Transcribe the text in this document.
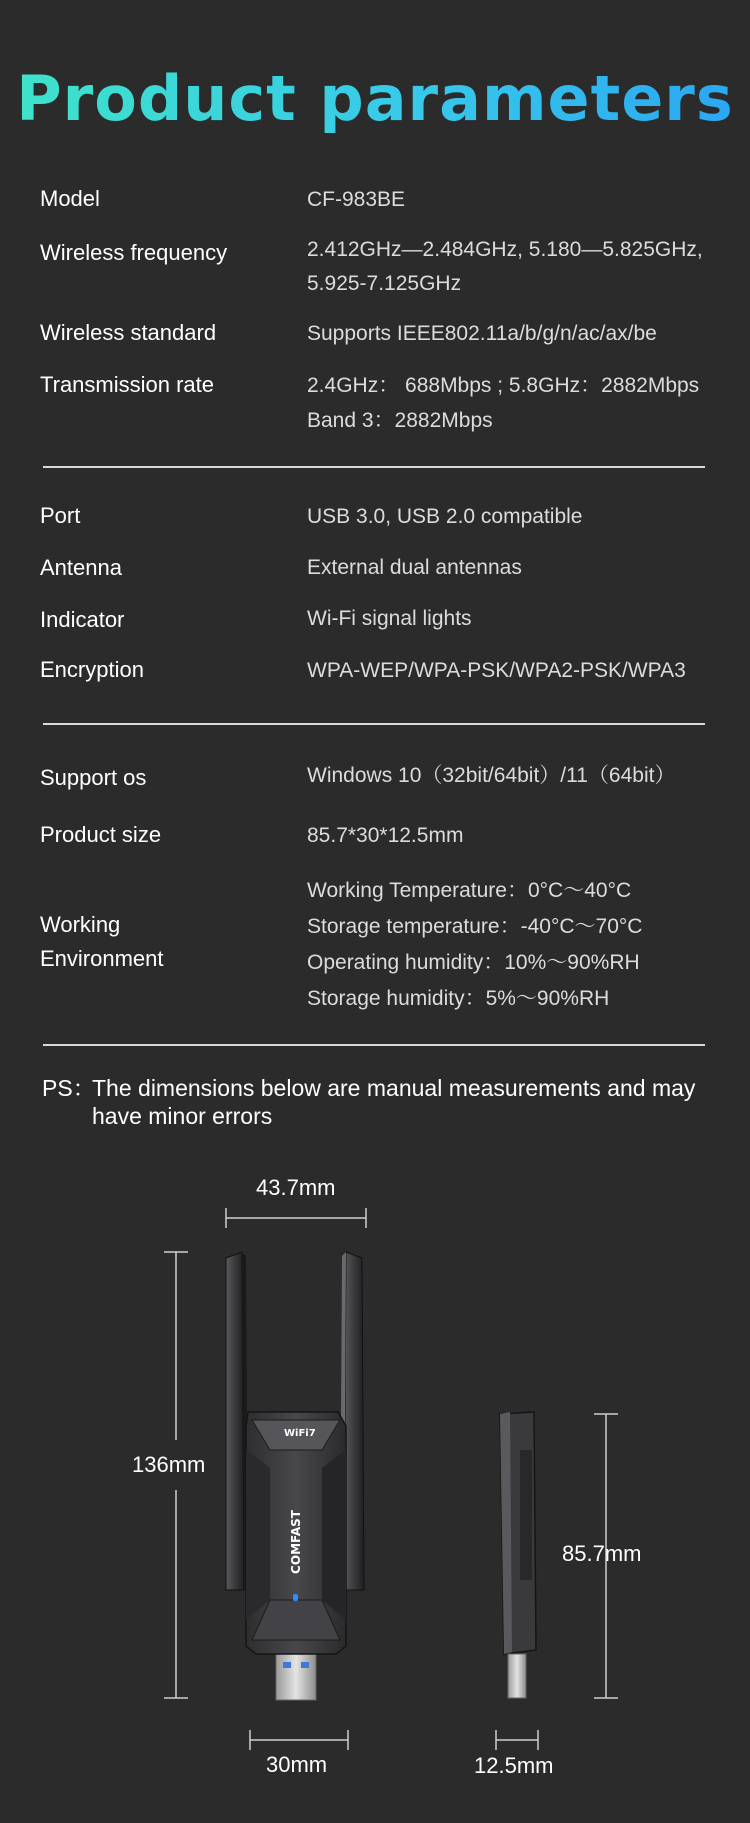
Product parameters
Model	CF-983BE
Wireless frequency	2.412GHz—2.484GHz, 5.180—5.825GHz,
5.925-7.125GHz
Wireless standard	Supports IEEE802.11a/b/g/n/ac/ax/be
Transmission rate	2.4GHz： 688Mbps ; 5.8GHz：2882Mbps
Band 3：2882Mbps
Port	USB 3.0, USB 2.0 compatible
Antenna	External dual antennas
Indicator	Wi-Fi signal lights
Encryption	WPA-WEP/WPA-PSK/WPA2-PSK/WPA3
Support os	Windows 10（32bit/64bit）/11（64bit）
Product size	85.7*30*12.5mm
Working
Environment
Working Temperature：0°C～40°C
Storage temperature：-40°C～70°C
Operating humidity：10%～90%RH
Storage humidity：5%～90%RH
PS：
The dimensions below are manual measurements and may have minor errors
WiFi7
COMFAST
43.7mm
136mm
85.7mm
30mm	12.5mm
